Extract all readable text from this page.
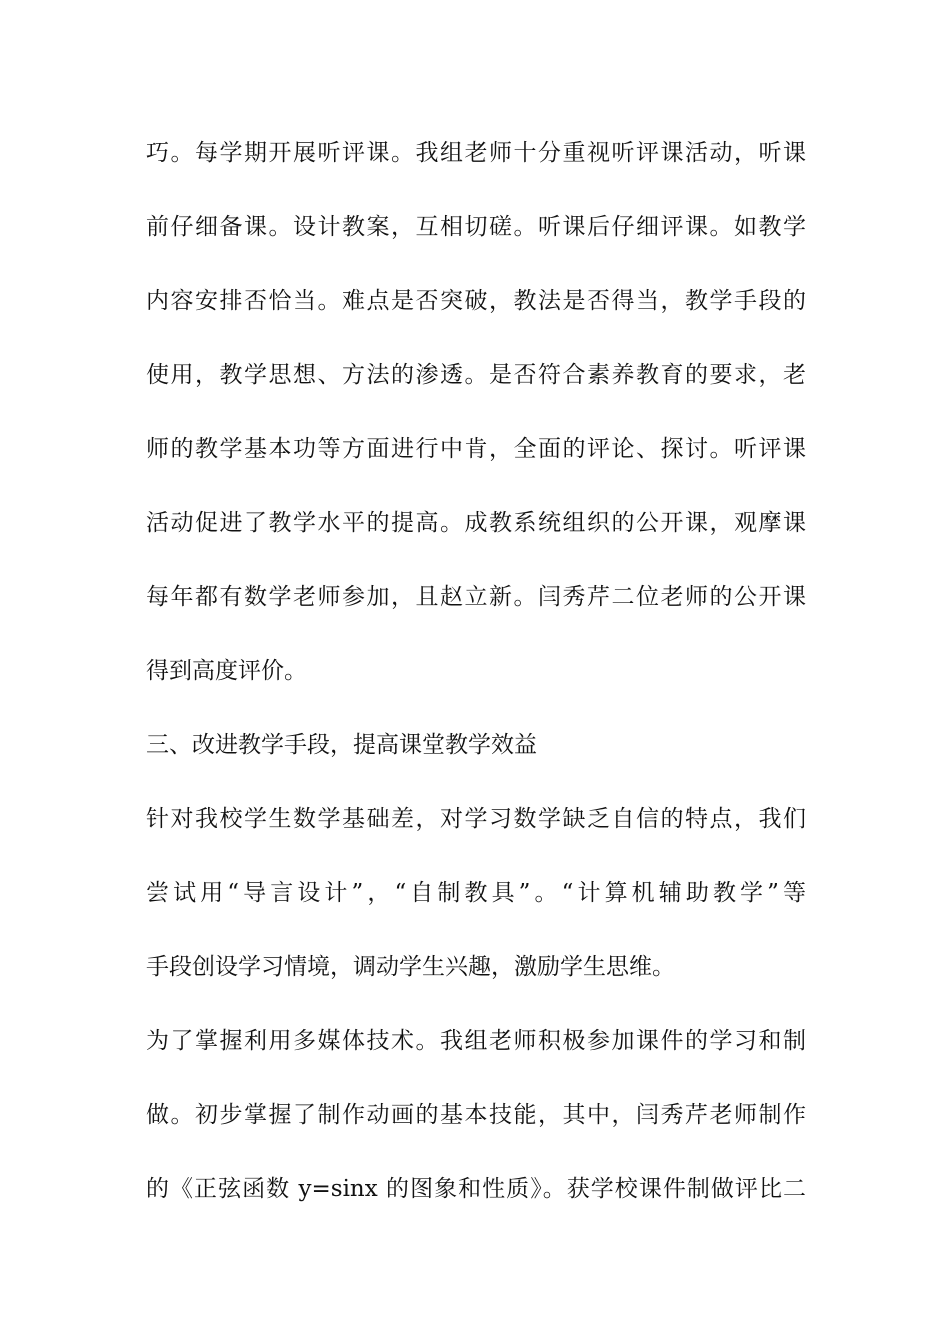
巧。每学期开展听评课。我组老师十分重视听评课活动，听课
前仔细备课。设计教案，互相切磋。听课后仔细评课。如教学
内容安排否恰当。难点是否突破，教法是否得当，教学手段的
使用，教学思想、方法的渗透。是否符合素养教育的要求，老
师的教学基本功等方面进行中肯，全面的评论、探讨。听评课
活动促进了教学水平的提高。成教系统组织的公开课，观摩课
每年都有数学老师参加，且赵立新。闫秀芹二位老师的公开课
得到高度评价。
三、改进教学手段，提高课堂教学效益
针对我校学生数学基础差，对学习数学缺乏自信的特点，我们
尝试用“导言设计”，“自制教具”。“计算机辅助教学”等
手段创设学习情境，调动学生兴趣，激励学生思维。
为了掌握利用多媒体技术。我组老师积极参加课件的学习和制
做。初步掌握了制作动画的基本技能，其中，闫秀芹老师制作
的《正弦函数 y=sinx 的图象和性质》。获学校课件制做评比二
